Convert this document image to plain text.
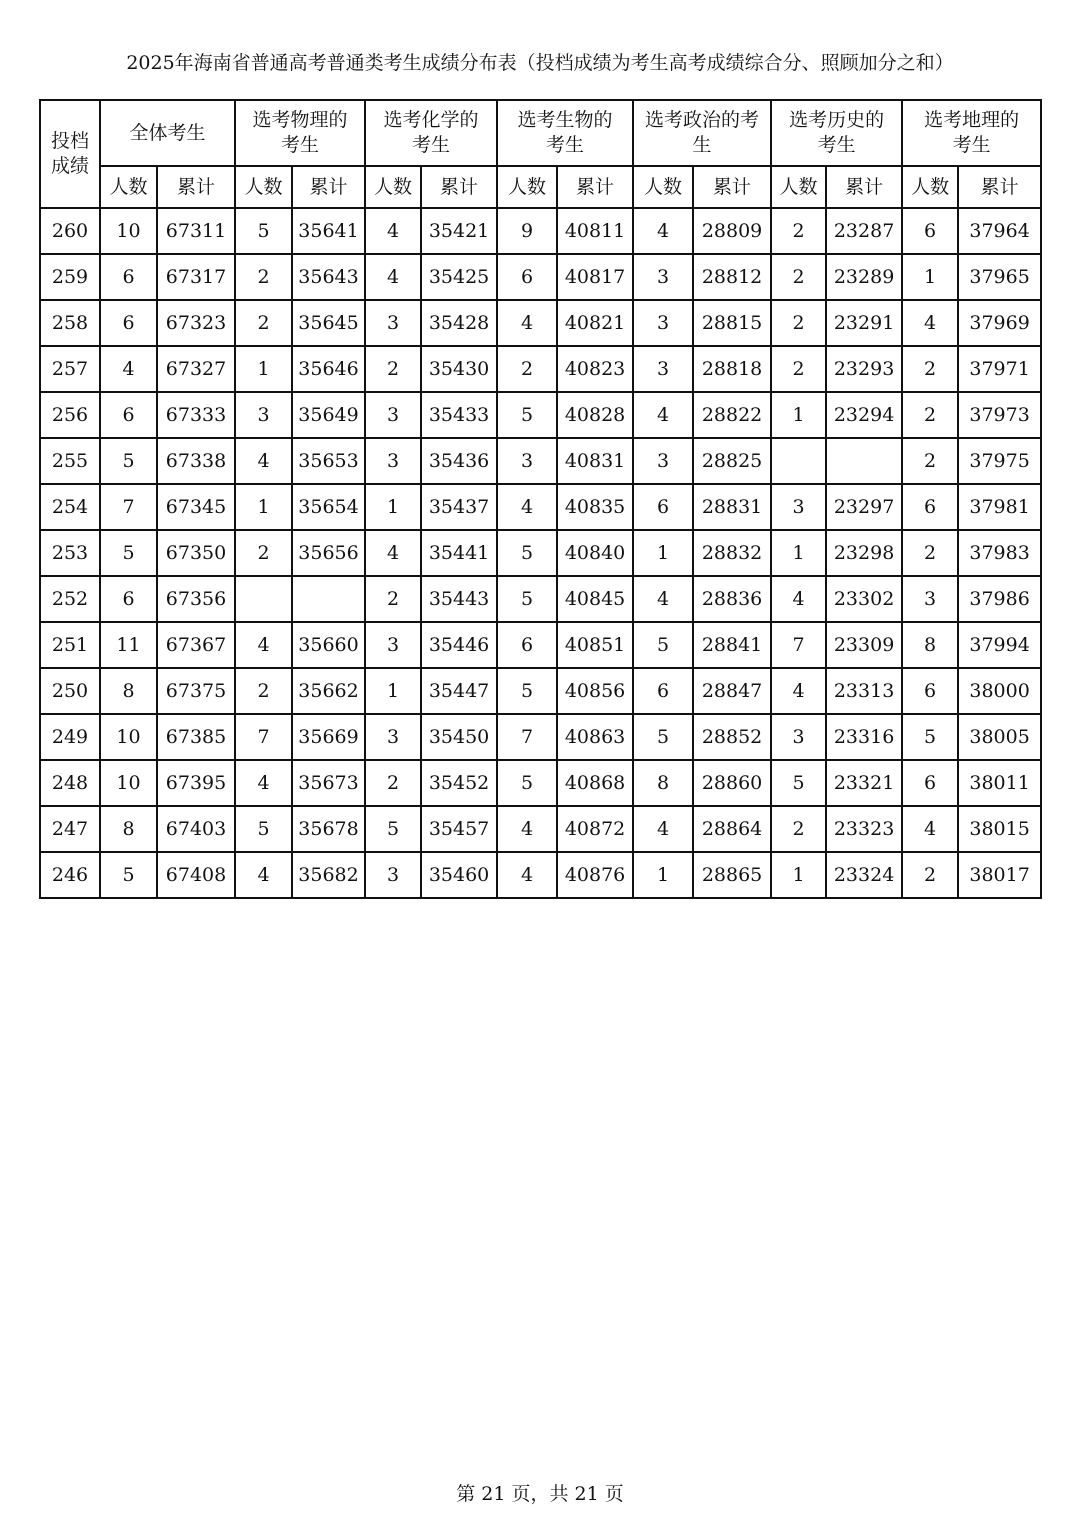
2025年海南省普通高考普通类考生成绩分布表（投档成绩为考生高考成绩综合分、照顾加分之和）
投档成绩	全体考生		选考物理的考生		选考化学的考生		选考生物的考生		选考政治的考生		选考历史的考生		选考地理的考生	

	人数	累计	人数	累计	人数	累计	人数	累计	人数	累计	人数	累计	人数	累计
260	10	67311	5	35641	4	35421	9	40811	4	28809	2	23287	6	37964
259	6	67317	2	35643	4	35425	6	40817	3	28812	2	23289	1	37965
258	6	67323	2	35645	3	35428	4	40821	3	28815	2	23291	4	37969
257	4	67327	1	35646	2	35430	2	40823	3	28818	2	23293	2	37971
256	6	67333	3	35649	3	35433	5	40828	4	28822	1	23294	2	37973
255	5	67338	4	35653	3	35436	3	40831	3	28825			2	37975
254	7	67345	1	35654	1	35437	4	40835	6	28831	3	23297	6	37981
253	5	67350	2	35656	4	35441	5	40840	1	28832	1	23298	2	37983
252	6	67356			2	35443	5	40845	4	28836	4	23302	3	37986
251	11	67367	4	35660	3	35446	6	40851	5	28841	7	23309	8	37994
250	8	67375	2	35662	1	35447	5	40856	6	28847	4	23313	6	38000
249	10	67385	7	35669	3	35450	7	40863	5	28852	3	23316	5	38005
248	10	67395	4	35673	2	35452	5	40868	8	28860	5	23321	6	38011
247	8	67403	5	35678	5	35457	4	40872	4	28864	2	23323	4	38015
246	5	67408	4	35682	3	35460	4	40876	1	28865	1	23324	2	38017
第 21 页，共 21 页
